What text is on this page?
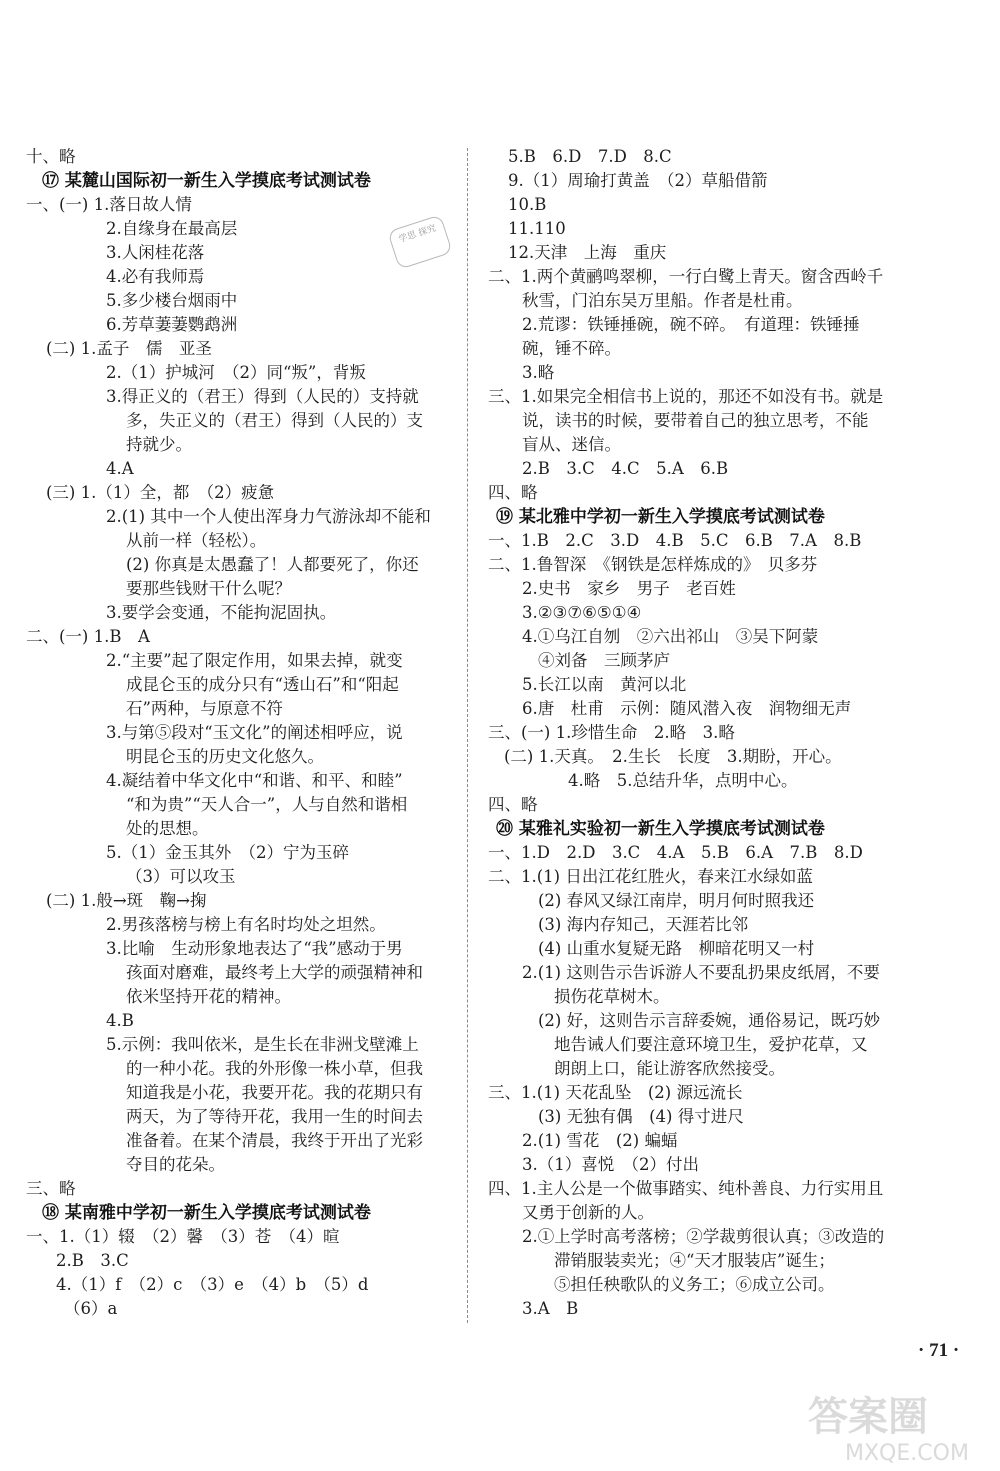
十、略
⑰ 某麓山国际初一新生入学摸底考试测试卷
一、(一) 1.落日故人情
2.自缘身在最高层
3.人闲桂花落
4.必有我师焉
5.多少楼台烟雨中
6.芳草萋萋鹦鹉洲
(二) 1.孟子　儒　亚圣
2.（1）护城河　（2）同“叛”，背叛
3.得正义的（君王）得到（人民的）支持就
多，失正义的（君王）得到（人民的）支
持就少。
4.A
(三) 1.（1）全，都　（2）疲惫
2.(1) 其中一个人使出浑身力气游泳却不能和
从前一样（轻松）。
(2) 你真是太愚蠢了！人都要死了，你还
要那些钱财干什么呢？
3.要学会变通，不能拘泥固执。
二、(一) 1.B　A
2.“主要”起了限定作用，如果去掉，就变
成昆仑玉的成分只有“透山石”和“阳起
石”两种，与原意不符
3.与第⑤段对“玉文化”的阐述相呼应，说
明昆仑玉的历史文化悠久。
4.凝结着中华文化中“和谐、和平、和睦”
“和为贵”“天人合一”，人与自然和谐相
处的思想。
5.（1）金玉其外　（2）宁为玉碎
（3）可以攻玉
(二) 1.般→斑　鞠→掬
2.男孩落榜与榜上有名时均处之坦然。
3.比喻　生动形象地表达了“我”感动于男
孩面对磨难，最终考上大学的顽强精神和
依米坚持开花的精神。
4.B
5.示例：我叫依米，是生长在非洲戈壁滩上
的一种小花。我的外形像一株小草，但我
知道我是小花，我要开花。我的花期只有
两天，为了等待开花，我用一生的时间去
准备着。在某个清晨，我终于开出了光彩
夺目的花朵。
三、略
⑱ 某南雅中学初一新生入学摸底考试测试卷
一、1.（1）辍　（2）馨　（3）苍　（4）暄
2.B　3.C
4.（1）f　（2）c　（3）e　（4）b　（5）d
（6）a
5.B　6.D　7.D　8.C
9.（1）周瑜打黄盖　（2）草船借箭
10.B
11.110
12.天津　上海　重庆
二、1.两个黄鹂鸣翠柳，一行白鹭上青天。窗含西岭千
秋雪，门泊东吴万里船。作者是杜甫。
2.荒谬：铁锤捶碗，碗不碎。　有道理：铁锤捶
碗，锤不碎。
3.略
三、1.如果完全相信书上说的，那还不如没有书。就是
说，读书的时候，要带着自己的独立思考，不能
盲从、迷信。
2.B　3.C　4.C　5.A　6.B
四、略
⑲ 某北雅中学初一新生入学摸底考试测试卷
一、1.B　2.C　3.D　4.B　5.C　6.B　7.A　8.B
二、1.鲁智深　《钢铁是怎样炼成的》　贝多芬
2.史书　家乡　男子　老百姓
3.②③⑦⑥⑤①④
4.①乌江自刎　②六出祁山　③吴下阿蒙
④刘备　三顾茅庐
5.长江以南　黄河以北
6.唐　杜甫　示例：随风潜入夜　润物细无声
三、(一) 1.珍惜生命　2.略　3.略
(二) 1.天真。　2.生长　长度　3.期盼，开心。
4.略　5.总结升华，点明中心。
四、略
⑳ 某雅礼实验初一新生入学摸底考试测试卷
一、1.D　2.D　3.C　4.A　5.B　6.A　7.B　8.D
二、1.(1) 日出江花红胜火，春来江水绿如蓝
(2) 春风又绿江南岸，明月何时照我还
(3) 海内存知己，天涯若比邻
(4) 山重水复疑无路　柳暗花明又一村
2.(1) 这则告示告诉游人不要乱扔果皮纸屑，不要
损伤花草树木。
(2) 好，这则告示言辞委婉，通俗易记，既巧妙
地告诫人们要注意环境卫生，爱护花草，又
朗朗上口，能让游客欣然接受。
三、1.(1) 天花乱坠　(2) 源远流长
(3) 无独有偶　(4) 得寸进尺
2.(1) 雪花　(2) 蝙蝠
3.（1）喜悦　（2）付出
四、1.主人公是一个做事踏实、纯朴善良、力行实用且
又勇于创新的人。
2.①上学时高考落榜；②学裁剪很认真；③改造的
滞销服装卖光；④“天才服装店”诞生；
⑤担任秧歌队的义务工；⑥成立公司。
3.A　B
学思 探究
· 71 ·
答案圈
MXQE.COM
